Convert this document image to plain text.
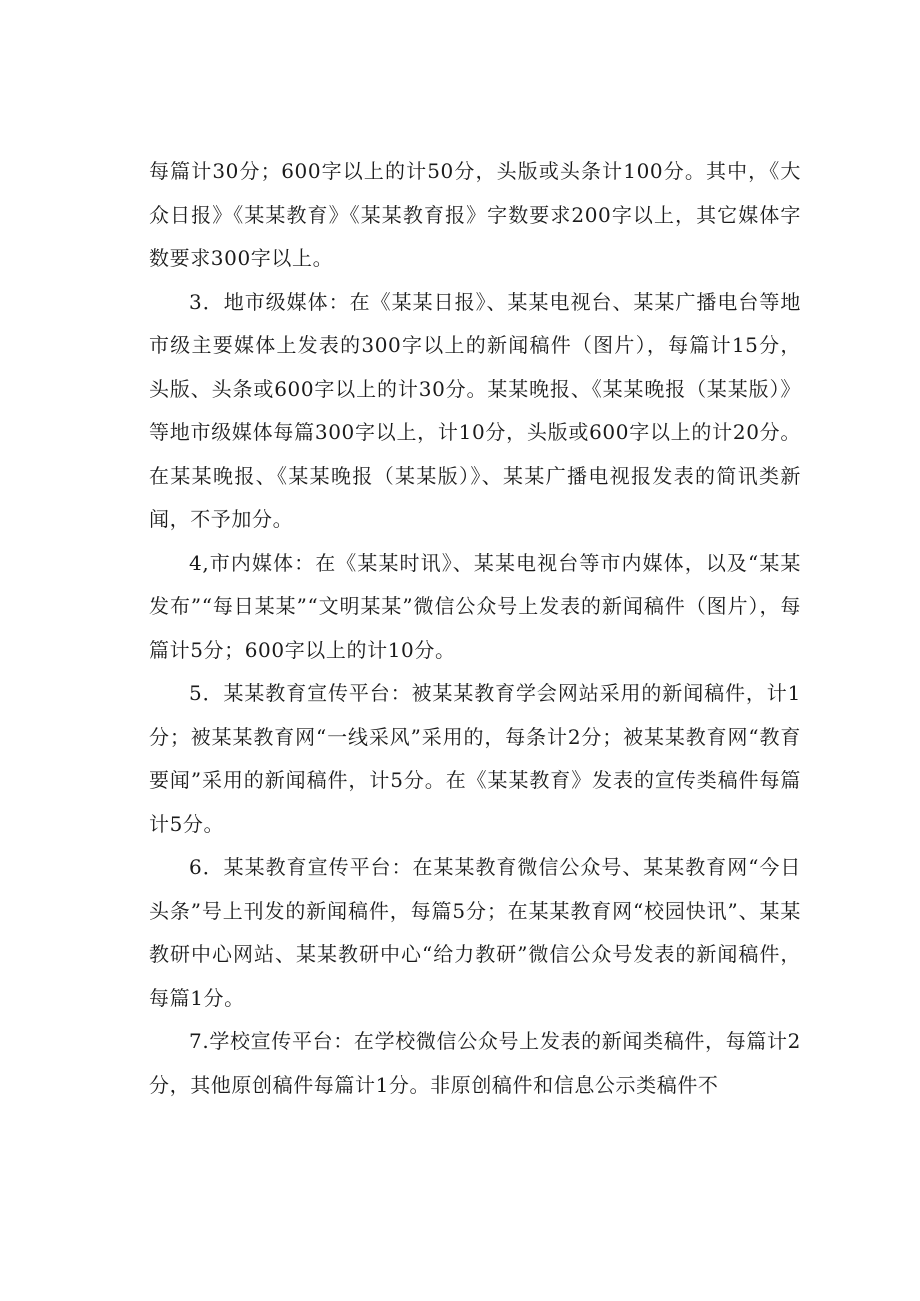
每篇计30分；600字以上的计50分，头版或头条计100分。其中，《大众日报》《某某教育》《某某教育报》字数要求200字以上，其它媒体字数要求300字以上。

3．地市级媒体：在《某某日报》、某某电视台、某某广播电台等地市级主要媒体上发表的300字以上的新闻稿件（图片），每篇计15分，头版、头条或600字以上的计30分。某某晚报、《某某晚报（某某版）》等地市级媒体每篇300字以上，计10分，头版或600字以上的计20分。在某某晚报、《某某晚报（某某版）》、某某广播电视报发表的简讯类新闻，不予加分。

4,市内媒体：在《某某时讯》、某某电视台等市内媒体，以及“某某发布”“每日某某”“文明某某”微信公众号上发表的新闻稿件（图片），每篇计5分；600字以上的计10分。

5．某某教育宣传平台：被某某教育学会网站采用的新闻稿件，计1分；被某某教育网“一线采风”采用的，每条计2分；被某某教育网“教育要闻”采用的新闻稿件，计5分。在《某某教育》发表的宣传类稿件每篇计5分。

6．某某教育宣传平台：在某某教育微信公众号、某某教育网“今日头条”号上刊发的新闻稿件，每篇5分；在某某教育网“校园快讯”、某某教研中心网站、某某教研中心“给力教研”微信公众号发表的新闻稿件，每篇1分。

7.学校宣传平台：在学校微信公众号上发表的新闻类稿件，每篇计2分，其他原创稿件每篇计1分。非原创稿件和信息公示类稿件不
